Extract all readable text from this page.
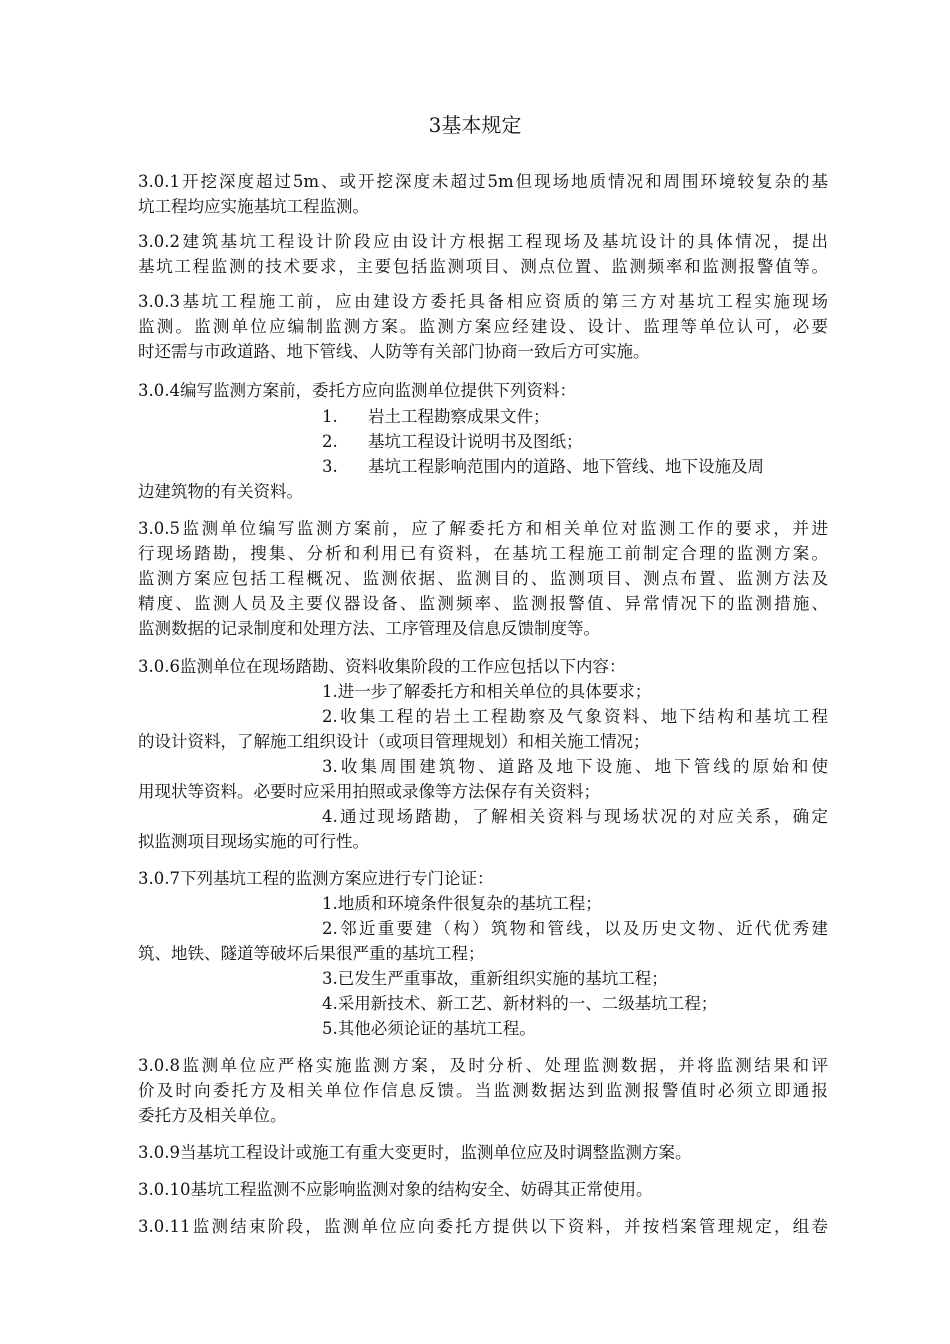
3基本规定
3.0.1开挖深度超过5m、或开挖深度未超过5m但现场地质情况和周围环境较复杂的基
坑工程均应实施基坑工程监测。
3.0.2建筑基坑工程设计阶段应由设计方根据工程现场及基坑设计的具体情况，提出
基坑工程监测的技术要求，主要包括监测项目、测点位置、监测频率和监测报警值等。
3.0.3基坑工程施工前，应由建设方委托具备相应资质的第三方对基坑工程实施现场
监测。监测单位应编制监测方案。监测方案应经建设、设计、监理等单位认可，必要
时还需与市政道路、地下管线、人防等有关部门协商一致后方可实施。
3.0.4编写监测方案前，委托方应向监测单位提供下列资料：
1. 岩土工程勘察成果文件；
2. 基坑工程设计说明书及图纸；
3. 基坑工程影响范围内的道路、地下管线、地下设施及周
边建筑物的有关资料。
3.0.5监测单位编写监测方案前，应了解委托方和相关单位对监测工作的要求，并进
行现场踏勘，搜集、分析和利用已有资料，在基坑工程施工前制定合理的监测方案。
监测方案应包括工程概况、监测依据、监测目的、监测项目、测点布置、监测方法及
精度、监测人员及主要仪器设备、监测频率、监测报警值、异常情况下的监测措施、
监测数据的记录制度和处理方法、工序管理及信息反馈制度等。
3.0.6监测单位在现场踏勘、资料收集阶段的工作应包括以下内容：
1.进一步了解委托方和相关单位的具体要求；
2.收集工程的岩土工程勘察及气象资料、地下结构和基坑工程
的设计资料，了解施工组织设计（或项目管理规划）和相关施工情况；
3.收集周围建筑物、道路及地下设施、地下管线的原始和使
用现状等资料。必要时应采用拍照或录像等方法保存有关资料；
4.通过现场踏勘，了解相关资料与现场状况的对应关系，确定
拟监测项目现场实施的可行性。
3.0.7下列基坑工程的监测方案应进行专门论证：
1.地质和环境条件很复杂的基坑工程；
2.邻近重要建（构）筑物和管线，以及历史文物、近代优秀建
筑、地铁、隧道等破坏后果很严重的基坑工程；
3.已发生严重事故，重新组织实施的基坑工程；
4.采用新技术、新工艺、新材料的一、二级基坑工程；
5.其他必须论证的基坑工程。
3.0.8监测单位应严格实施监测方案，及时分析、处理监测数据，并将监测结果和评
价及时向委托方及相关单位作信息反馈。当监测数据达到监测报警值时必须立即通报
委托方及相关单位。
3.0.9当基坑工程设计或施工有重大变更时，监测单位应及时调整监测方案。
3.0.10基坑工程监测不应影响监测对象的结构安全、妨碍其正常使用。
3.0.11监测结束阶段，监测单位应向委托方提供以下资料，并按档案管理规定，组卷
